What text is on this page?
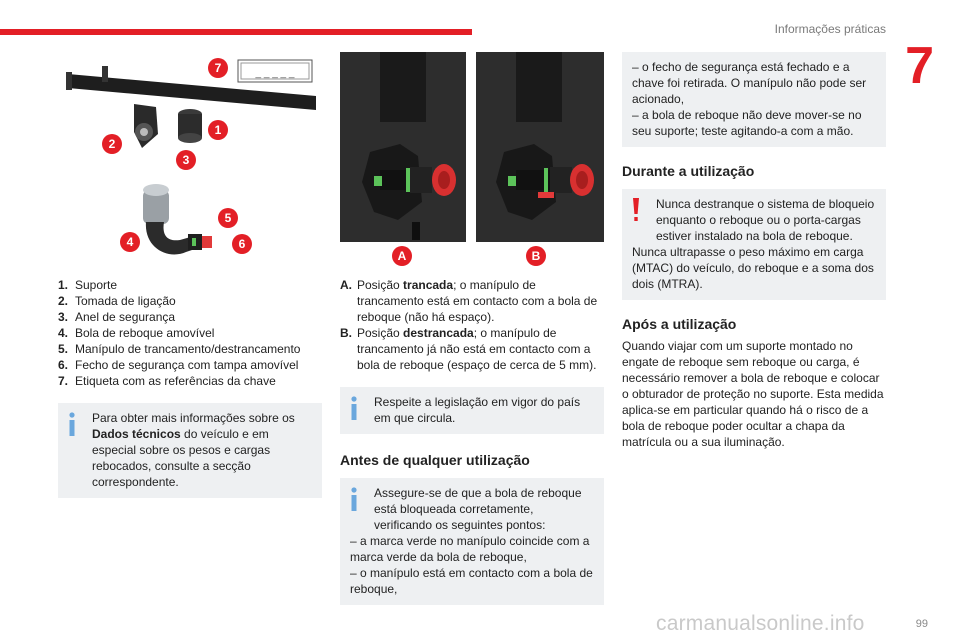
Informações práticas
7
_ _ _ _ _
7
1
2
3
5
4	6
1. Suporte
2. Tomada de ligação
3. Anel de segurança
4. Bola de reboque amovível
5. Manípulo de trancamento/destrancamento
6. Fecho de segurança com tampa amovível
7. Etiqueta com as referências da chave

Para obter mais informações sobre os
Dados técnicos do veículo e em especial sobre os pesos e cargas rebocados, consulte a secção correspondente.

A	B
A. Posição trancada; o manípulo de trancamento está em contacto com a bola de reboque (não há espaço).
B. Posição destrancada; o manípulo de trancamento já não está em contacto com a bola de reboque (espaço de cerca de 5 mm).

Respeite a legislação em vigor do país em que circula.

Antes de qualquer utilização

Assegure-se de que a bola de reboque está bloqueada corretamente, verificando os seguintes pontos:

– a marca verde no manípulo coincide com a marca verde da bola de reboque,

– o manípulo está em contacto com a bola de reboque,

– o fecho de segurança está fechado e a chave foi retirada. O manípulo não pode ser acionado,

– a bola de reboque não deve mover-se no seu suporte; teste agitando-a com a mão.

Durante a utilização

Nunca destranque o sistema de bloqueio enquanto o reboque ou o porta-cargas estiver instalado na bola de reboque.

Nunca ultrapasse o peso máximo em carga (MTAC) do veículo, do reboque e a soma dos dois (MTRA).

Após a utilização

Quando viajar com um suporte montado no engate de reboque sem reboque ou carga, é necessário remover a bola de reboque e colocar o obturador de proteção no suporte. Esta medida aplica-se em particular quando há o risco de a bola de reboque poder ocultar a chapa da matrícula ou a sua iluminação.

carmanualsonline.info	99
